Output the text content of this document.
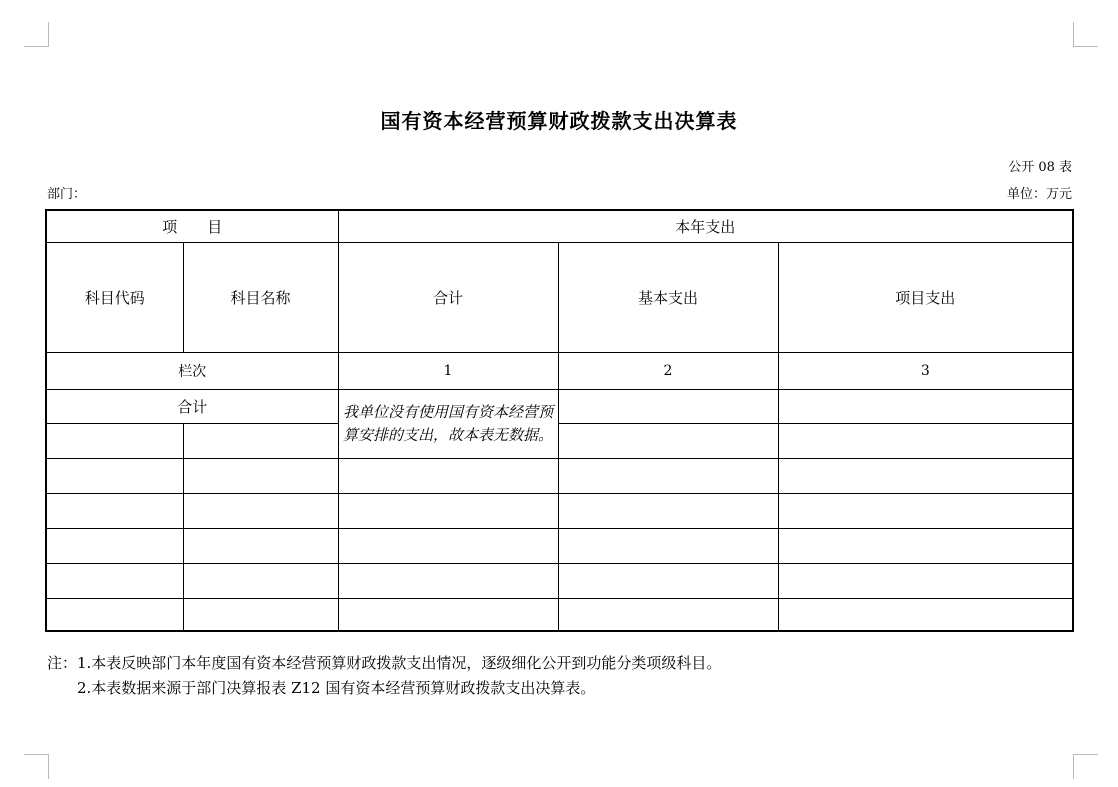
国有资本经营预算财政拨款支出决算表
公开 08 表
部门：	单位：万元
项　　目		本年支出		
科目代码	科目名称	合计	基本支出	项目支出
栏次		1	2	3
合计		我单位没有使用国有资本经营预算安排的支出，故本表无数据。		

注：1.本表反映部门本年度国有资本经营预算财政拨款支出情况，逐级细化公开到功能分类项级科目。
2.本表数据来源于部门决算报表 Z12 国有资本经营预算财政拨款支出决算表。
